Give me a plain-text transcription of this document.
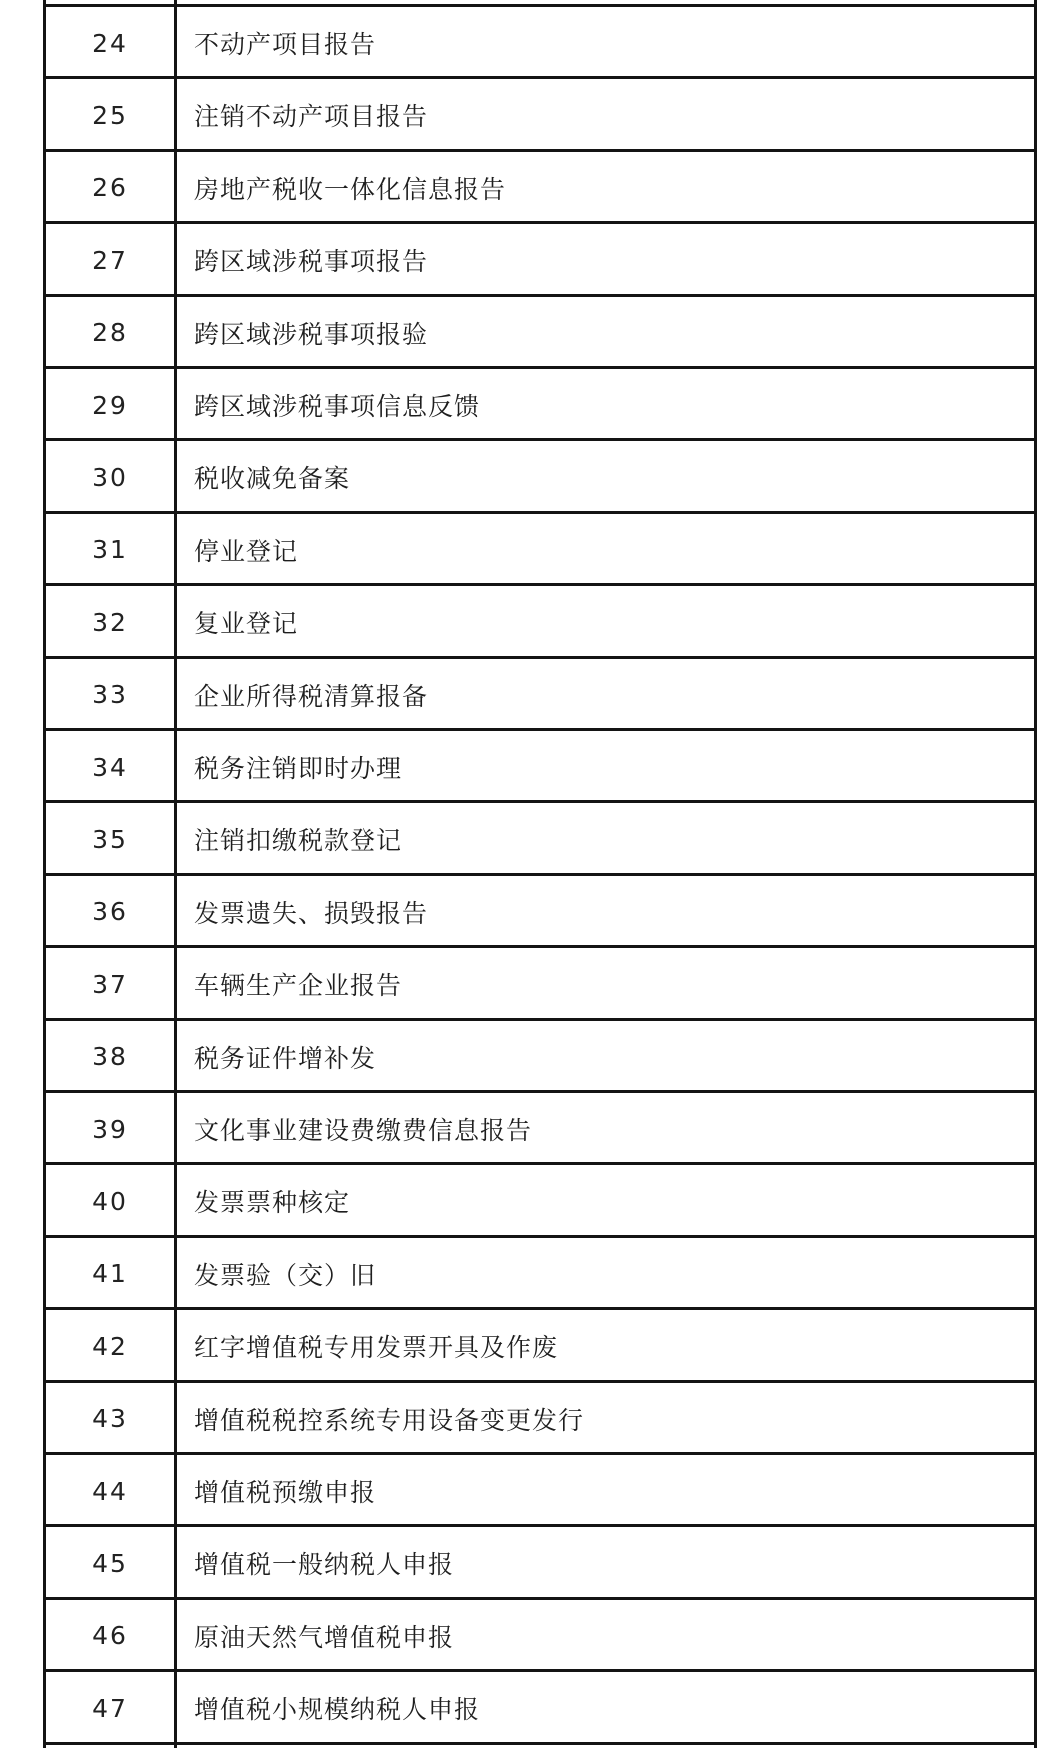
24	不动产项目报告
25	注销不动产项目报告
26	房地产税收一体化信息报告
27	跨区域涉税事项报告
28	跨区域涉税事项报验
29	跨区域涉税事项信息反馈
30	税收减免备案
31	停业登记
32	复业登记
33	企业所得税清算报备
34	税务注销即时办理
35	注销扣缴税款登记
36	发票遗失、损毁报告
37	车辆生产企业报告
38	税务证件增补发
39	文化事业建设费缴费信息报告
40	发票票种核定
41	发票验（交）旧
42	红字增值税专用发票开具及作废
43	增值税税控系统专用设备变更发行
44	增值税预缴申报
45	增值税一般纳税人申报
46	原油天然气增值税申报
47	增值税小规模纳税人申报
